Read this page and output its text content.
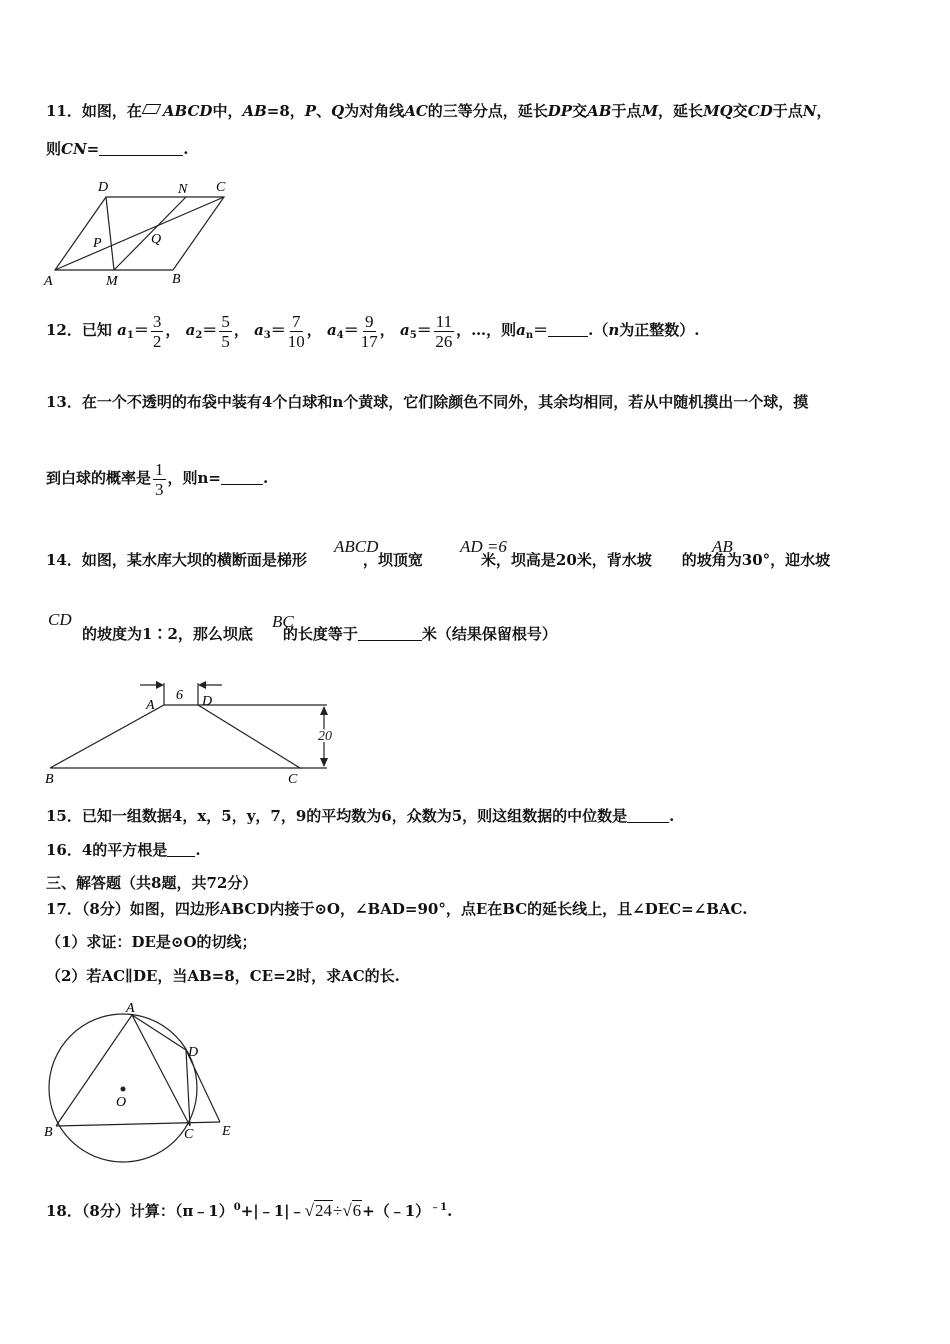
11．如图，在 ABCD中，AB=8，P、Q为对角线AC的三等分点，延长DP交AB于点M，延长MQ交CD于点N，
则CN=	.
D	N C
P	Q
A	M	B
12．已知 $a_1= \frac{3}{2}$ ， $a_2= \frac{5}{5}$ ， $a_3= \frac{7}{10}$ ， $a_4= \frac{9}{17}$ ， $a_5= \frac{11}{26}$ ，…，则$a_n=$	.（n为正整数）.
13．在一个不透明的布袋中装有4个白球和n个黄球，它们除颜色不同外，其余均相同，若从中随机摸出一个球，摸
到白球的概率是 $\frac{1}{3}$ ，则n=	.
ABCD	AD =6	AB
14．如图，某水库大坝的横断面是梯形	，坝顶宽	米，坝高是20米，背水坡 的坡角为30°，迎水坡
CD	BC
的坡度为1∶2，那么坝底 的长度等于	米（结果保留根号）
6
20
A	D
B	C
15．已知一组数据4，x，5，y，7，9的平均数为6，众数为5，则这组数据的中位数是	.
16．4的平方根是 .
三、解答题（共8题，共72分）
17．（8分）如图，四边形ABCD内接于⊙O，∠BAD=90°，点E在BC的延长线上，且∠DEC=∠BAC.
（1）求证：DE是⊙O的切线；
（2）若AC∥DE，当AB=8，CE=2时，求AC的长.
A
D
O
B	C E
18．（8分）计算：（π﹣1）$^0$+|﹣1|﹣√24÷√6+（﹣1）$^{﹣1}$.
